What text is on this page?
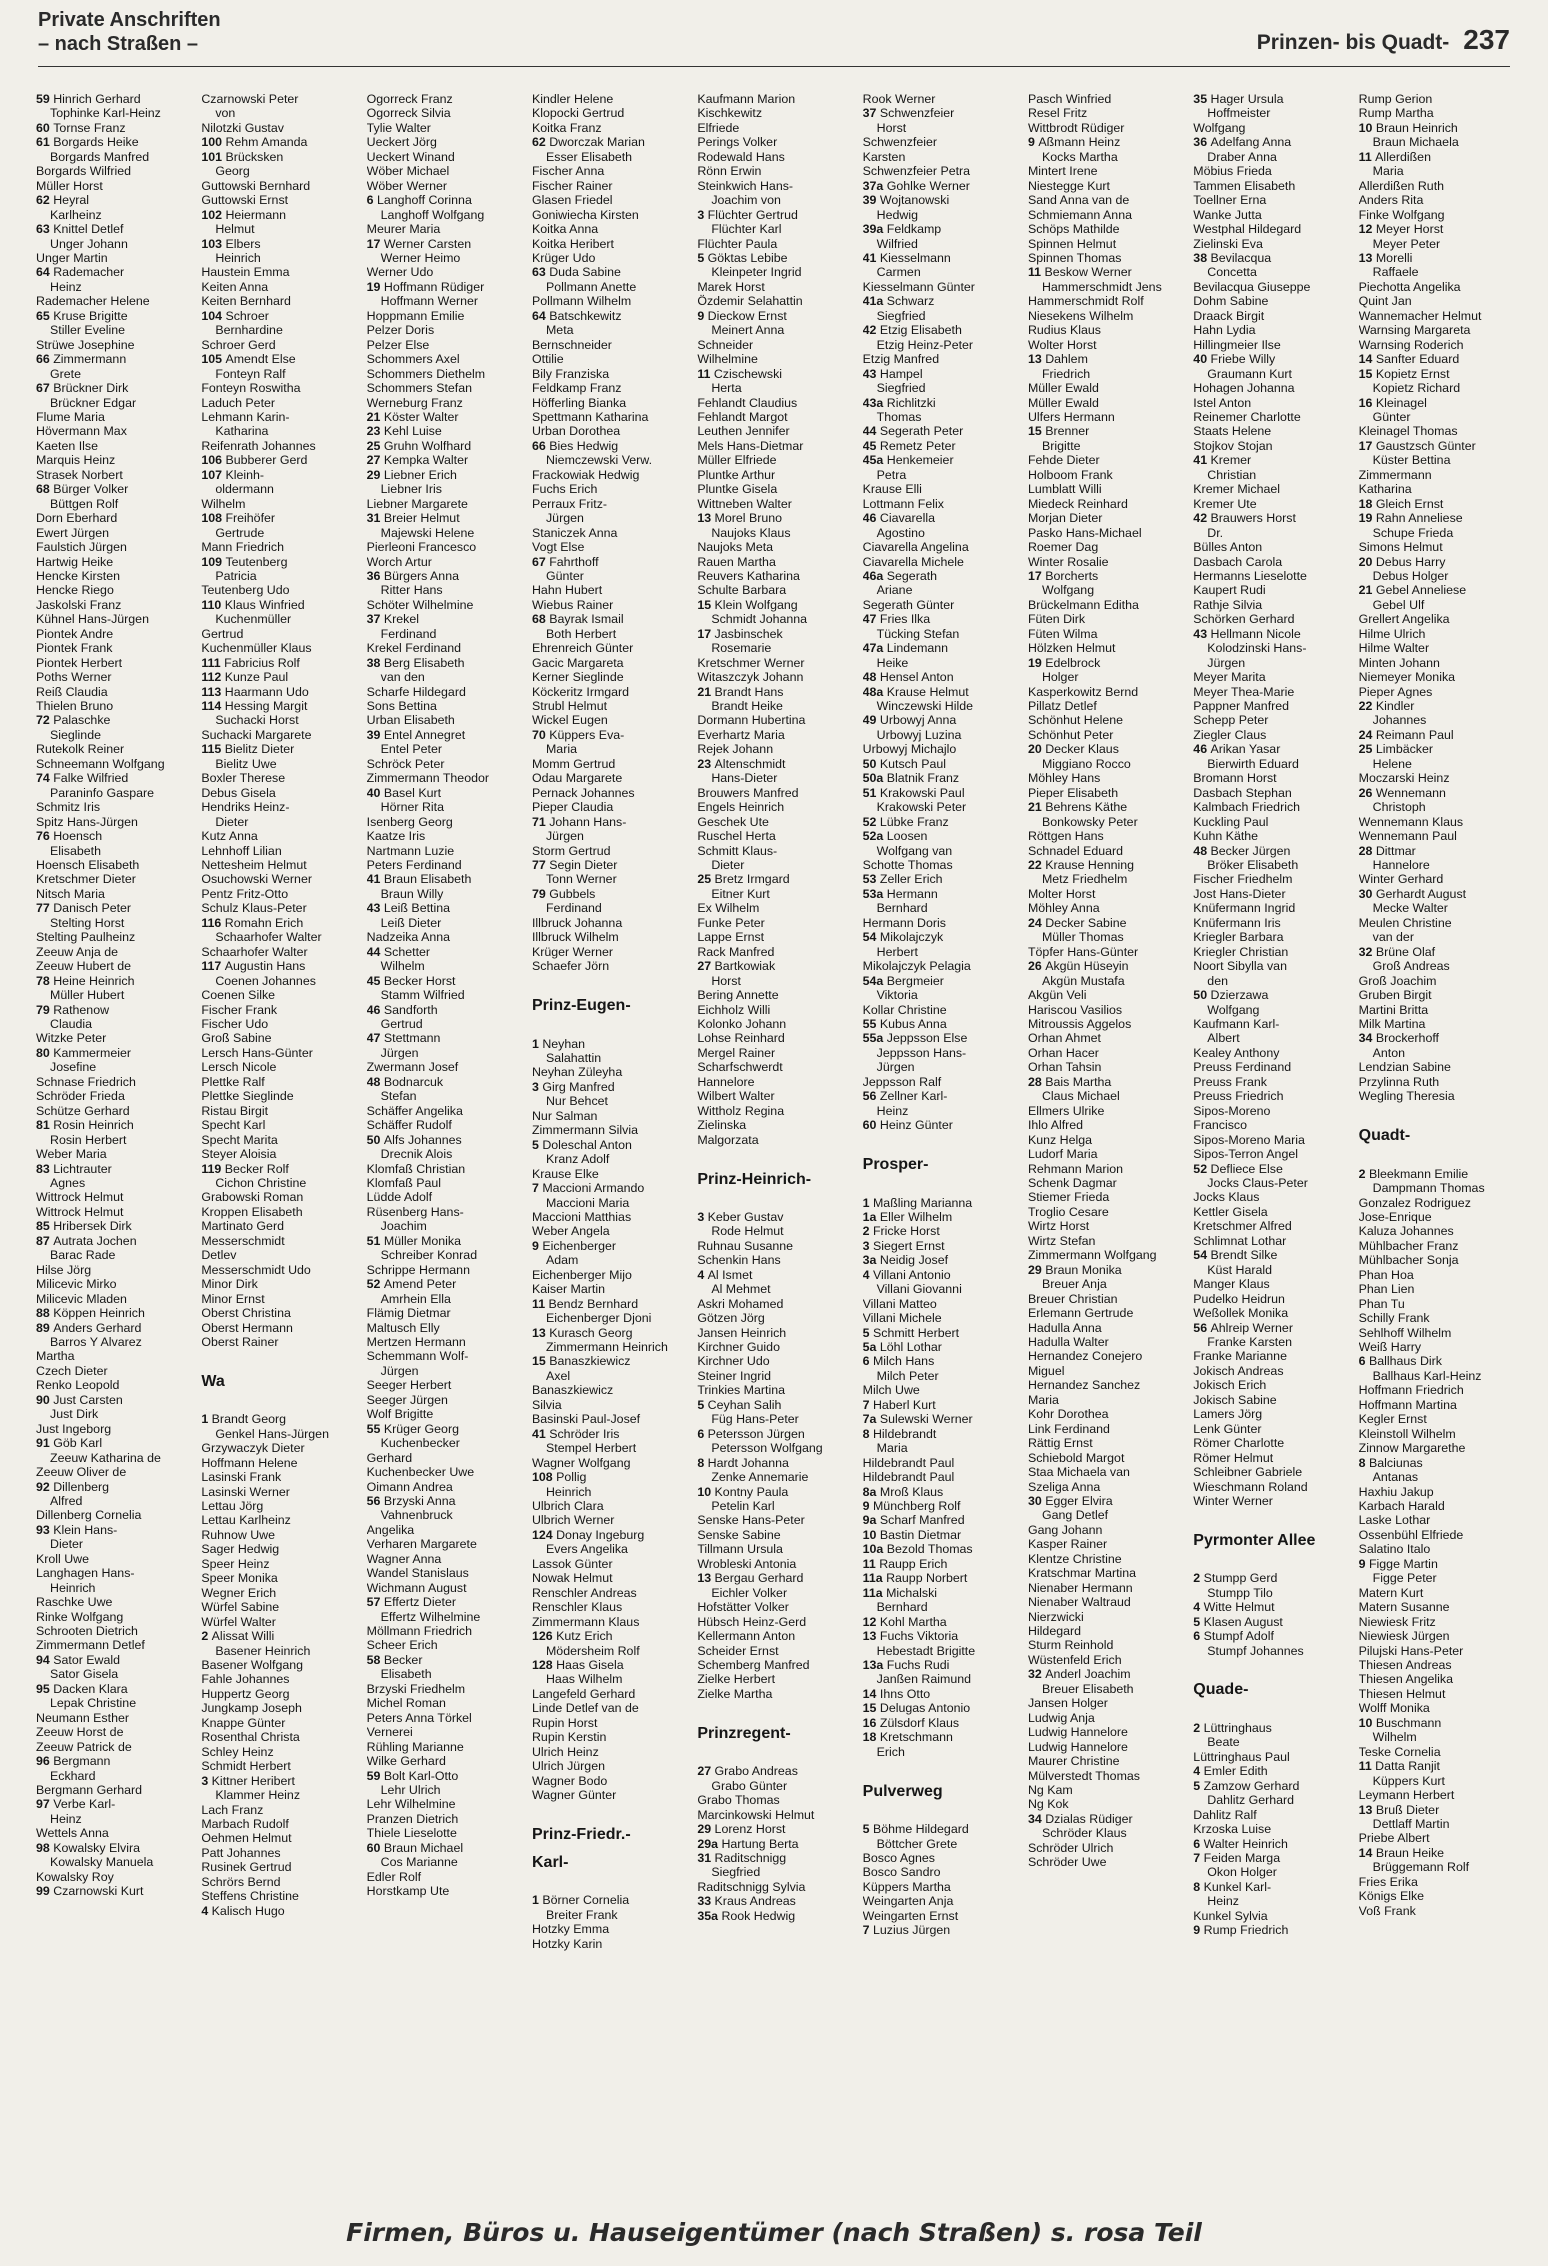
Private Anschriften
– nach Straßen –	Prinzen- bis Quadt- 237
59 Hinrich Gerhard
Tophinke Karl-Heinz
60 Tornse Franz
61 Borgards Heike
Borgards Manfred
Borgards Wilfried
Müller Horst
62 Heyral
Karlheinz
63 Knittel Detlef
Unger Johann
Unger Martin
64 Rademacher
Heinz
Rademacher Helene
65 Kruse Brigitte
Stiller Eveline
Strüwe Josephine
66 Zimmermann
Grete
67 Brückner Dirk
Brückner Edgar
Flume Maria
Hövermann Max
Kaeten Ilse
Marquis Heinz
Strasek Norbert
68 Bürger Volker
Büttgen Rolf
Dorn Eberhard
Ewert Jürgen
Faulstich Jürgen
Hartwig Heike
Hencke Kirsten
Hencke Riego
Jaskolski Franz
Kühnel Hans-Jürgen
Piontek Andre
Piontek Frank
Piontek Herbert
Poths Werner
Reiß Claudia
Thielen Bruno
72 Palaschke
Sieglinde
Rutekolk Reiner
Schneemann Wolfgang
74 Falke Wilfried
Paraninfo Gaspare
Schmitz Iris
Spitz Hans-Jürgen
76 Hoensch
Elisabeth
Hoensch Elisabeth
Kretschmer Dieter
Nitsch Maria
77 Danisch Peter
Stelting Horst
Stelting Paulheinz
Zeeuw Anja de
Zeeuw Hubert de
78 Heine Heinrich
Müller Hubert
79 Rathenow
Claudia
Witzke Peter
80 Kammermeier
Josefine
Schnase Friedrich
Schröder Frieda
Schütze Gerhard
81 Rosin Heinrich
Rosin Herbert
Weber Maria
83 Lichtrauter
Agnes
Wittrock Helmut
Wittrock Helmut
85 Hribersek Dirk
87 Autrata Jochen
Barac Rade
Hilse Jörg
Milicevic Mirko
Milicevic Mladen
88 Köppen Heinrich
89 Anders Gerhard
Barros Y Alvarez
Martha
Czech Dieter
Renko Leopold
90 Just Carsten
Just Dirk
Just Ingeborg
91 Göb Karl
Zeeuw Katharina de
Zeeuw Oliver de
92 Dillenberg
Alfred
Dillenberg Cornelia
93 Klein Hans-
Dieter
Kroll Uwe
Langhagen Hans-
Heinrich
Raschke Uwe
Rinke Wolfgang
Schrooten Dietrich
Zimmermann Detlef
94 Sator Ewald
Sator Gisela
95 Dacken Klara
Lepak Christine
Neumann Esther
Zeeuw Horst de
Zeeuw Patrick de
96 Bergmann
Eckhard
Bergmann Gerhard
97 Verbe Karl-
Heinz
Wettels Anna
98 Kowalsky Elvira
Kowalsky Manuela
Kowalsky Roy
99 Czarnowski Kurt
Czarnowski Peter
von
Nilotzki Gustav
100 Rehm Amanda
101 Brücksken
Georg
Guttowski Bernhard
Guttowski Ernst
102 Heiermann
Helmut
103 Elbers
Heinrich
Haustein Emma
Keiten Anna
Keiten Bernhard
104 Schroer
Bernhardine
Schroer Gerd
105 Amendt Else
Fonteyn Ralf
Fonteyn Roswitha
Laduch Peter
Lehmann Karin-
Katharina
Reifenrath Johannes
106 Bubberer Gerd
107 Kleinh-
oldermann
Wilhelm
108 Freihöfer
Gertrude
Mann Friedrich
109 Teutenberg
Patricia
Teutenberg Udo
110 Klaus Winfried
Kuchenmüller
Gertrud
Kuchenmüller Klaus
111 Fabricius Rolf
112 Kunze Paul
113 Haarmann Udo
114 Hessing Margit
Suchacki Horst
Suchacki Margarete
115 Bielitz Dieter
Bielitz Uwe
Boxler Therese
Debus Gisela
Hendriks Heinz-
Dieter
Kutz Anna
Lehnhoff Lilian
Nettesheim Helmut
Osuchowski Werner
Pentz Fritz-Otto
Schulz Klaus-Peter
116 Romahn Erich
Schaarhofer Walter
Schaarhofer Walter
117 Augustin Hans
Coenen Johannes
Coenen Silke
Fischer Frank
Fischer Udo
Groß Sabine
Lersch Hans-Günter
Lersch Nicole
Plettke Ralf
Plettke Sieglinde
Ristau Birgit
Specht Karl
Specht Marita
Steyer Aloisia
119 Becker Rolf
Cichon Christine
Grabowski Roman
Kroppen Elisabeth
Martinato Gerd
Messerschmidt
Detlev
Messerschmidt Udo
Minor Dirk
Minor Ernst
Oberst Christina
Oberst Hermann
Oberst Rainer
Wa
1 Brandt Georg
Genkel Hans-Jürgen
Grzywaczyk Dieter
Hoffmann Helene
Lasinski Frank
Lasinski Werner
Lettau Jörg
Lettau Karlheinz
Ruhnow Uwe
Sager Hedwig
Speer Heinz
Speer Monika
Wegner Erich
Würfel Sabine
Würfel Walter
2 Alissat Willi
Basener Heinrich
Basener Wolfgang
Fahle Johannes
Huppertz Georg
Jungkamp Joseph
Knappe Günter
Rosenthal Christa
Schley Heinz
Schmidt Herbert
3 Kittner Heribert
Klammer Heinz
Lach Franz
Marbach Rudolf
Oehmen Helmut
Patt Johannes
Rusinek Gertrud
Schrörs Bernd
Steffens Christine
4 Kalisch Hugo
Ogorreck Franz
Ogorreck Silvia
Tylie Walter
Ueckert Jörg
Ueckert Winand
Wöber Michael
Wöber Werner
6 Langhoff Corinna
Langhoff Wolfgang
Meurer Maria
17 Werner Carsten
Werner Heimo
Werner Udo
19 Hoffmann Rüdiger
Hoffmann Werner
Hoppmann Emilie
Pelzer Doris
Pelzer Else
Schommers Axel
Schommers Diethelm
Schommers Stefan
Werneburg Franz
21 Köster Walter
23 Kehl Luise
25 Gruhn Wolfhard
27 Kempka Walter
29 Liebner Erich
Liebner Iris
Liebner Margarete
31 Breier Helmut
Majewski Helene
Pierleoni Francesco
Worch Artur
36 Bürgers Anna
Ritter Hans
Schöter Wilhelmine
37 Krekel
Ferdinand
Krekel Ferdinand
38 Berg Elisabeth
van den
Scharfe Hildegard
Sons Bettina
Urban Elisabeth
39 Entel Annegret
Entel Peter
Schröck Peter
Zimmermann Theodor
40 Basel Kurt
Hörner Rita
Isenberg Georg
Kaatze Iris
Nartmann Luzie
Peters Ferdinand
41 Braun Elisabeth
Braun Willy
43 Leiß Bettina
Leiß Dieter
Nadzeika Anna
44 Schetter
Wilhelm
45 Becker Horst
Stamm Wilfried
46 Sandforth
Gertrud
47 Stettmann
Jürgen
Zwermann Josef
48 Bodnarcuk
Stefan
Schäffer Angelika
Schäffer Rudolf
50 Alfs Johannes
Drecnik Alois
Klomfaß Christian
Klomfaß Paul
Lüdde Adolf
Rüsenberg Hans-
Joachim
51 Müller Monika
Schreiber Konrad
Schrippe Hermann
52 Amend Peter
Amrhein Ella
Flämig Dietmar
Maltusch Elly
Mertzen Hermann
Schemmann Wolf-
Jürgen
Seeger Herbert
Seeger Jürgen
Wolf Brigitte
55 Krüger Georg
Kuchenbecker
Gerhard
Kuchenbecker Uwe
Oimann Andrea
56 Brzyski Anna
Vahnenbruck
Angelika
Verharen Margarete
Wagner Anna
Wandel Stanislaus
Wichmann August
57 Effertz Dieter
Effertz Wilhelmine
Möllmann Friedrich
Scheer Erich
58 Becker
Elisabeth
Brzyski Friedhelm
Michel Roman
Peters Anna Törkel
Vernerei
Rühling Marianne
Wilke Gerhard
59 Bolt Karl-Otto
Lehr Ulrich
Lehr Wilhelmine
Pranzen Dietrich
Thiele Lieselotte
60 Braun Michael
Cos Marianne
Edler Rolf
Horstkamp Ute
Kindler Helene
Klopocki Gertrud
Koitka Franz
62 Dworczak Marian
Esser Elisabeth
Fischer Anna
Fischer Rainer
Glasen Friedel
Goniwiecha Kirsten
Koitka Anna
Koitka Heribert
Krüger Udo
63 Duda Sabine
Pollmann Anette
Pollmann Wilhelm
64 Batschkewitz
Meta
Bernschneider
Ottilie
Bily Franziska
Feldkamp Franz
Höfferling Bianka
Spettmann Katharina
Urban Dorothea
66 Bies Hedwig
Niemczewski Verw.
Frackowiak Hedwig
Fuchs Erich
Perraux Fritz-
Jürgen
Staniczek Anna
Vogt Else
67 Fahrthoff
Günter
Hahn Hubert
Wiebus Rainer
68 Bayrak Ismail
Both Herbert
Ehrenreich Günter
Gacic Margareta
Kerner Sieglinde
Köckeritz Irmgard
Strubl Helmut
Wickel Eugen
70 Küppers Eva-
Maria
Momm Gertrud
Odau Margarete
Pernack Johannes
Pieper Claudia
71 Johann Hans-
Jürgen
Storm Gertrud
77 Segin Dieter
Tonn Werner
79 Gubbels
Ferdinand
Illbruck Johanna
Illbruck Wilhelm
Krüger Werner
Schaefer Jörn
Prinz-Eugen-
1 Neyhan
Salahattin
Neyhan Züleyha
3 Girg Manfred
Nur Behcet
Nur Salman
Zimmermann Silvia
5 Doleschal Anton
Kranz Adolf
Krause Elke
7 Maccioni Armando
Maccioni Maria
Maccioni Matthias
Weber Angela
9 Eichenberger
Adam
Eichenberger Mijo
Kaiser Martin
11 Bendz Bernhard
Eichenberger Djoni
13 Kurasch Georg
Zimmermann Heinrich
15 Banaszkiewicz
Axel
Banaszkiewicz
Silvia
Basinski Paul-Josef
41 Schröder Iris
Stempel Herbert
Wagner Wolfgang
108 Pollig
Heinrich
Ulbrich Clara
Ulbrich Werner
124 Donay Ingeburg
Evers Angelika
Lassok Günter
Nowak Helmut
Renschler Andreas
Renschler Klaus
Zimmermann Klaus
126 Kutz Erich
Mödersheim Rolf
128 Haas Gisela
Haas Wilhelm
Langefeld Gerhard
Linde Detlef van de
Rupin Horst
Rupin Kerstin
Ulrich Heinz
Ulrich Jürgen
Wagner Bodo
Wagner Günter
Prinz-Friedr.-
Karl-
1 Börner Cornelia
Breiter Frank
Hotzky Emma
Hotzky Karin
Kaufmann Marion
Kischkewitz
Elfriede
Perings Volker
Rodewald Hans
Rönn Erwin
Steinkwich Hans-
Joachim von
3 Flüchter Gertrud
Flüchter Karl
Flüchter Paula
5 Göktas Lebibe
Kleinpeter Ingrid
Marek Horst
Özdemir Selahattin
9 Dieckow Ernst
Meinert Anna
Schneider
Wilhelmine
11 Czischewski
Herta
Fehlandt Claudius
Fehlandt Margot
Leuthen Jennifer
Mels Hans-Dietmar
Müller Elfriede
Pluntke Arthur
Pluntke Gisela
Wittneben Walter
13 Morel Bruno
Naujoks Klaus
Naujoks Meta
Rauen Martha
Reuvers Katharina
Schulte Barbara
15 Klein Wolfgang
Schmidt Johanna
17 Jasbinschek
Rosemarie
Kretschmer Werner
Witaszczyk Johann
21 Brandt Hans
Brandt Heike
Dormann Hubertina
Everhartz Maria
Rejek Johann
23 Altenschmidt
Hans-Dieter
Brouwers Manfred
Engels Heinrich
Geschek Ute
Ruschel Herta
Schmitt Klaus-
Dieter
25 Bretz Irmgard
Eitner Kurt
Ex Wilhelm
Funke Peter
Lappe Ernst
Rack Manfred
27 Bartkowiak
Horst
Bering Annette
Eichholz Willi
Kolonko Johann
Lohse Reinhard
Mergel Rainer
Scharfschwerdt
Hannelore
Wilbert Walter
Wittholz Regina
Zielinska
Malgorzata
Prinz-Heinrich-
3 Keber Gustav
Rode Helmut
Ruhnau Susanne
Schenkin Hans
4 Al Ismet
Al Mehmet
Askri Mohamed
Götzen Jörg
Jansen Heinrich
Kirchner Guido
Kirchner Udo
Steiner Ingrid
Trinkies Martina
5 Ceyhan Salih
Füg Hans-Peter
6 Petersson Jürgen
Petersson Wolfgang
8 Hardt Johanna
Zenke Annemarie
10 Kontny Paula
Petelin Karl
Senske Hans-Peter
Senske Sabine
Tillmann Ursula
Wrobleski Antonia
13 Bergau Gerhard
Eichler Volker
Hofstätter Volker
Hübsch Heinz-Gerd
Kellermann Anton
Scheider Ernst
Schemberg Manfred
Zielke Herbert
Zielke Martha
Prinzregent-
27 Grabo Andreas
Grabo Günter
Grabo Thomas
Marcinkowski Helmut
29 Lorenz Horst
29a Hartung Berta
31 Raditschnigg
Siegfried
Raditschnigg Sylvia
33 Kraus Andreas
35a Rook Hedwig
Rook Werner
37 Schwenzfeier
Horst
Schwenzfeier
Karsten
Schwenzfeier Petra
37a Gohlke Werner
39 Wojtanowski
Hedwig
39a Feldkamp
Wilfried
41 Kiesselmann
Carmen
Kiesselmann Günter
41a Schwarz
Siegfried
42 Etzig Elisabeth
Etzig Heinz-Peter
Etzig Manfred
43 Hampel
Siegfried
43a Richlitzki
Thomas
44 Segerath Peter
45 Remetz Peter
45a Henkemeier
Petra
Krause Elli
Lottmann Felix
46 Ciavarella
Agostino
Ciavarella Angelina
Ciavarella Michele
46a Segerath
Ariane
Segerath Günter
47 Fries Ilka
Tücking Stefan
47a Lindemann
Heike
48 Hensel Anton
48a Krause Helmut
Winczewski Hilde
49 Urbowyj Anna
Urbowyj Luzina
Urbowyj Michajlo
50 Kutsch Paul
50a Blatnik Franz
51 Krakowski Paul
Krakowski Peter
52 Lübke Franz
52a Loosen
Wolfgang van
Schotte Thomas
53 Zeller Erich
53a Hermann
Bernhard
Hermann Doris
54 Mikolajczyk
Herbert
Mikolajczyk Pelagia
54a Bergmeier
Viktoria
Kollar Christine
55 Kubus Anna
55a Jeppsson Else
Jeppsson Hans-
Jürgen
Jeppsson Ralf
56 Zellner Karl-
Heinz
60 Heinz Günter
Prosper-
1 Maßling Marianna
1a Eller Wilhelm
2 Fricke Horst
3 Siegert Ernst
3a Neidig Josef
4 Villani Antonio
Villani Giovanni
Villani Matteo
Villani Michele
5 Schmitt Herbert
5a Löhl Lothar
6 Milch Hans
Milch Peter
Milch Uwe
7 Haberl Kurt
7a Sulewski Werner
8 Hildebrandt
Maria
Hildebrandt Paul
Hildebrandt Paul
8a Mroß Klaus
9 Münchberg Rolf
9a Scharf Manfred
10 Bastin Dietmar
10a Bezold Thomas
11 Raupp Erich
11a Raupp Norbert
11a Michalski
Bernhard
12 Kohl Martha
13 Fuchs Viktoria
Hebestadt Brigitte
13a Fuchs Rudi
Janßen Raimund
14 Ihns Otto
15 Delugas Antonio
16 Zülsdorf Klaus
18 Kretschmann
Erich
Pulverweg
5 Böhme Hildegard
Böttcher Grete
Bosco Agnes
Bosco Sandro
Küppers Martha
Weingarten Anja
Weingarten Ernst
7 Luzius Jürgen
Pasch Winfried
Resel Fritz
Wittbrodt Rüdiger
9 Aßmann Heinz
Kocks Martha
Mintert Irene
Niestegge Kurt
Sand Anna van de
Schmiemann Anna
Schöps Mathilde
Spinnen Helmut
Spinnen Thomas
11 Beskow Werner
Hammerschmidt Jens
Hammerschmidt Rolf
Niesekens Wilhelm
Rudius Klaus
Wolter Horst
13 Dahlem
Friedrich
Müller Ewald
Müller Ewald
Ulfers Hermann
15 Brenner
Brigitte
Fehde Dieter
Holboom Frank
Lumblatt Willi
Miedeck Reinhard
Morjan Dieter
Pasko Hans-Michael
Roemer Dag
Winter Rosalie
17 Borcherts
Wolfgang
Brückelmann Editha
Füten Dirk
Füten Wilma
Hölzken Helmut
19 Edelbrock
Holger
Kasperkowitz Bernd
Pillatz Detlef
Schönhut Helene
Schönhut Peter
20 Decker Klaus
Miggiano Rocco
Möhley Hans
Pieper Elisabeth
21 Behrens Käthe
Bonkowsky Peter
Röttgen Hans
Schnadel Eduard
22 Krause Henning
Metz Friedhelm
Molter Horst
Möhley Anna
24 Decker Sabine
Müller Thomas
Töpfer Hans-Günter
26 Akgün Hüseyin
Akgün Mustafa
Akgün Veli
Hariscou Vasilios
Mitroussis Aggelos
Orhan Ahmet
Orhan Hacer
Orhan Tahsin
28 Bais Martha
Claus Michael
Ellmers Ulrike
Ihlo Alfred
Kunz Helga
Ludorf Maria
Rehmann Marion
Schenk Dagmar
Stiemer Frieda
Troglio Cesare
Wirtz Horst
Wirtz Stefan
Zimmermann Wolfgang
29 Braun Monika
Breuer Anja
Breuer Christian
Erlemann Gertrude
Hadulla Anna
Hadulla Walter
Hernandez Conejero
Miguel
Hernandez Sanchez
Maria
Kohr Dorothea
Link Ferdinand
Rättig Ernst
Schiebold Margot
Staa Michaela van
Szeliga Anna
30 Egger Elvira
Gang Detlef
Gang Johann
Kasper Rainer
Klentze Christine
Kratschmar Martina
Nienaber Hermann
Nienaber Waltraud
Nierzwicki
Hildegard
Sturm Reinhold
Wüstenfeld Erich
32 Anderl Joachim
Breuer Elisabeth
Jansen Holger
Ludwig Anja
Ludwig Hannelore
Ludwig Hannelore
Maurer Christine
Mülverstedt Thomas
Ng Kam
Ng Kok
34 Dzialas Rüdiger
Schröder Klaus
Schröder Ulrich
Schröder Uwe
35 Hager Ursula
Hoffmeister
Wolfgang
36 Adelfang Anna
Draber Anna
Möbius Frieda
Tammen Elisabeth
Toellner Erna
Wanke Jutta
Westphal Hildegard
Zielinski Eva
38 Bevilacqua
Concetta
Bevilacqua Giuseppe
Dohm Sabine
Draack Birgit
Hahn Lydia
Hillingmeier Ilse
40 Friebe Willy
Graumann Kurt
Hohagen Johanna
Istel Anton
Reinemer Charlotte
Staats Helene
Stojkov Stojan
41 Kremer
Christian
Kremer Michael
Kremer Ute
42 Brauwers Horst
Dr.
Bülles Anton
Dasbach Carola
Hermanns Lieselotte
Kaupert Rudi
Rathje Silvia
Schörken Gerhard
43 Hellmann Nicole
Kolodzinski Hans-
Jürgen
Meyer Marita
Meyer Thea-Marie
Pappner Manfred
Schepp Peter
Ziegler Claus
46 Arikan Yasar
Bierwirth Eduard
Bromann Horst
Dasbach Stephan
Kalmbach Friedrich
Kuckling Paul
Kuhn Käthe
48 Becker Jürgen
Bröker Elisabeth
Fischer Friedhelm
Jost Hans-Dieter
Knüfermann Ingrid
Knüfermann Iris
Kriegler Barbara
Kriegler Christian
Noort Sibylla van
den
50 Dzierzawa
Wolfgang
Kaufmann Karl-
Albert
Kealey Anthony
Preuss Ferdinand
Preuss Frank
Preuss Friedrich
Sipos-Moreno
Francisco
Sipos-Moreno Maria
Sipos-Terron Angel
52 Defliece Else
Jocks Claus-Peter
Jocks Klaus
Kettler Gisela
Kretschmer Alfred
Schlimnat Lothar
54 Brendt Silke
Küst Harald
Manger Klaus
Pudelko Heidrun
Weßollek Monika
56 Ahlreip Werner
Franke Karsten
Franke Marianne
Jokisch Andreas
Jokisch Erich
Jokisch Sabine
Lamers Jörg
Lenk Günter
Römer Charlotte
Römer Helmut
Schleibner Gabriele
Wieschmann Roland
Winter Werner
Pyrmonter Allee
2 Stumpp Gerd
Stumpp Tilo
4 Witte Helmut
5 Klasen August
6 Stumpf Adolf
Stumpf Johannes
Quade-
2 Lüttringhaus
Beate
Lüttringhaus Paul
4 Emler Edith
5 Zamzow Gerhard
Dahlitz Gerhard
Dahlitz Ralf
Krzoska Luise
6 Walter Heinrich
7 Feiden Marga
Okon Holger
8 Kunkel Karl-
Heinz
Kunkel Sylvia
9 Rump Friedrich
Rump Gerion
Rump Martha
10 Braun Heinrich
Braun Michaela
11 Allerdißen
Maria
Allerdißen Ruth
Anders Rita
Finke Wolfgang
12 Meyer Horst
Meyer Peter
13 Morelli
Raffaele
Piechotta Angelika
Quint Jan
Wannemacher Helmut
Warnsing Margareta
Warnsing Roderich
14 Sanfter Eduard
15 Kopietz Ernst
Kopietz Richard
16 Kleinagel
Günter
Kleinagel Thomas
17 Gaustzsch Günter
Küster Bettina
Zimmermann
Katharina
18 Gleich Ernst
19 Rahn Anneliese
Schupe Frieda
Simons Helmut
20 Debus Harry
Debus Holger
21 Gebel Anneliese
Gebel Ulf
Grellert Angelika
Hilme Ulrich
Hilme Walter
Minten Johann
Niemeyer Monika
Pieper Agnes
22 Kindler
Johannes
24 Reimann Paul
25 Limbäcker
Helene
Moczarski Heinz
26 Wennemann
Christoph
Wennemann Klaus
Wennemann Paul
28 Dittmar
Hannelore
Winter Gerhard
30 Gerhardt August
Mecke Walter
Meulen Christine
van der
32 Brüne Olaf
Groß Andreas
Groß Joachim
Gruben Birgit
Martini Britta
Milk Martina
34 Brockerhoff
Anton
Lendzian Sabine
Przylinna Ruth
Wegling Theresia
Quadt-
2 Bleekmann Emilie
Dampmann Thomas
Gonzalez Rodriguez
Jose-Enrique
Kaluza Johannes
Mühlbacher Franz
Mühlbacher Sonja
Phan Hoa
Phan Lien
Phan Tu
Schilly Frank
Sehlhoff Wilhelm
Weiß Harry
6 Ballhaus Dirk
Ballhaus Karl-Heinz
Hoffmann Friedrich
Hoffmann Martina
Kegler Ernst
Kleinstoll Wilhelm
Zinnow Margarethe
8 Balciunas
Antanas
Haxhiu Jakup
Karbach Harald
Laske Lothar
Ossenbühl Elfriede
Salatino Italo
9 Figge Martin
Figge Peter
Matern Kurt
Matern Susanne
Niewiesk Fritz
Niewiesk Jürgen
Pilujski Hans-Peter
Thiesen Andreas
Thiesen Angelika
Thiesen Helmut
Wolff Monika
10 Buschmann
Wilhelm
Teske Cornelia
11 Datta Ranjit
Küppers Kurt
Leymann Herbert
13 Bruß Dieter
Dettlaff Martin
Priebe Albert
14 Braun Heike
Brüggemann Rolf
Fries Erika
Königs Elke
Voß Frank
Firmen, Büros u. Hauseigentümer (nach Straßen) s. rosa Teil
